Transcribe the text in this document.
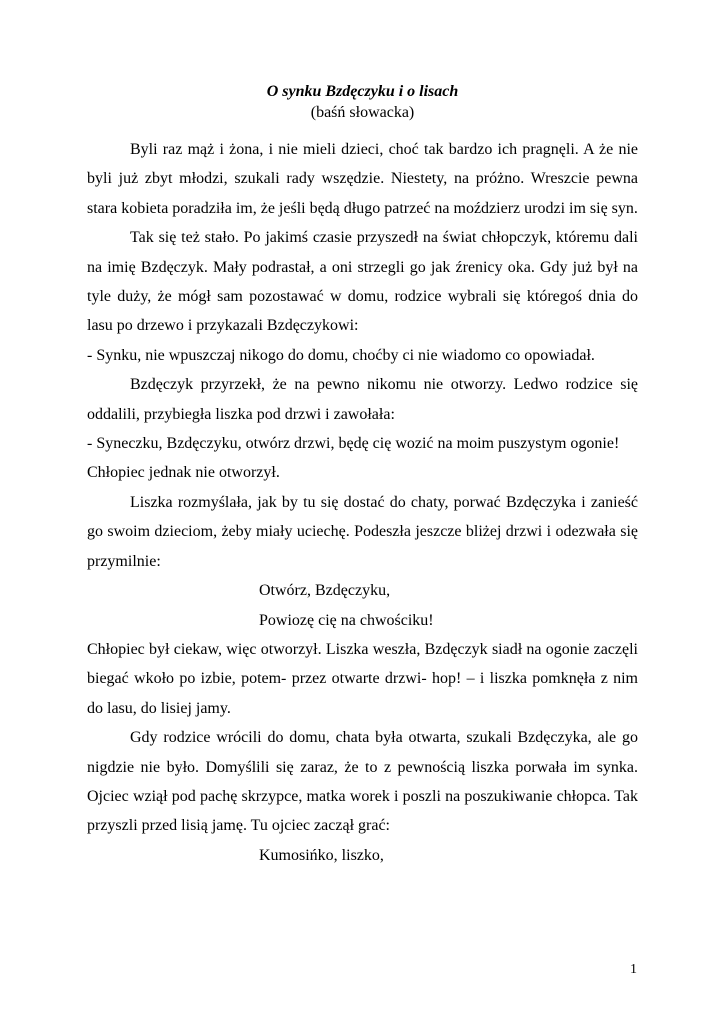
O synku Bzdęczyku i o lisach

(baśń słowacka)

Byli raz mąż i żona, i nie mieli dzieci, choć tak bardzo ich pragnęli. A że nie byli już zbyt młodzi, szukali rady wszędzie. Niestety, na próżno. Wreszcie pewna stara kobieta poradziła im, że jeśli będą długo patrzeć na moździerz urodzi im się syn.

Tak się też stało. Po jakimś czasie przyszedł na świat chłopczyk, któremu dali na imię Bzdęczyk. Mały podrastał, a oni strzegli go jak źrenicy oka. Gdy już był na tyle duży, że mógł sam pozostawać w domu, rodzice wybrali się któregoś dnia do lasu po drzewo i przykazali Bzdęczykowi:

- Synku, nie wpuszczaj nikogo do domu, choćby ci nie wiadomo co opowiadał.

Bzdęczyk przyrzekł, że na pewno nikomu nie otworzy. Ledwo rodzice się oddalili, przybiegła liszka pod drzwi i zawołała:

- Syneczku, Bzdęczyku, otwórz drzwi, będę cię wozić na moim puszystym ogonie!

Chłopiec jednak nie otworzył.

Liszka rozmyślała, jak by tu się dostać do chaty, porwać Bzdęczyka i zanieść go swoim dzieciom, żeby miały uciechę. Podeszła jeszcze bliżej drzwi i odezwała się przymilnie:

Otwórz, Bzdęczyku,

Powiozę cię na chwościku!

Chłopiec był ciekaw, więc otworzył. Liszka weszła, Bzdęczyk siadł na ogonie zaczęli biegać wkoło po izbie, potem- przez otwarte drzwi- hop! – i liszka pomknęła z nim do lasu, do lisiej jamy.

Gdy rodzice wrócili do domu, chata była otwarta, szukali Bzdęczyka, ale go nigdzie nie było. Domyślili się zaraz, że to z pewnością liszka porwała im synka. Ojciec wziął pod pachę skrzypce, matka worek i poszli na poszukiwanie chłopca. Tak przyszli przed lisią jamę. Tu ojciec zaczął grać:

Kumosińko, liszko,

1
